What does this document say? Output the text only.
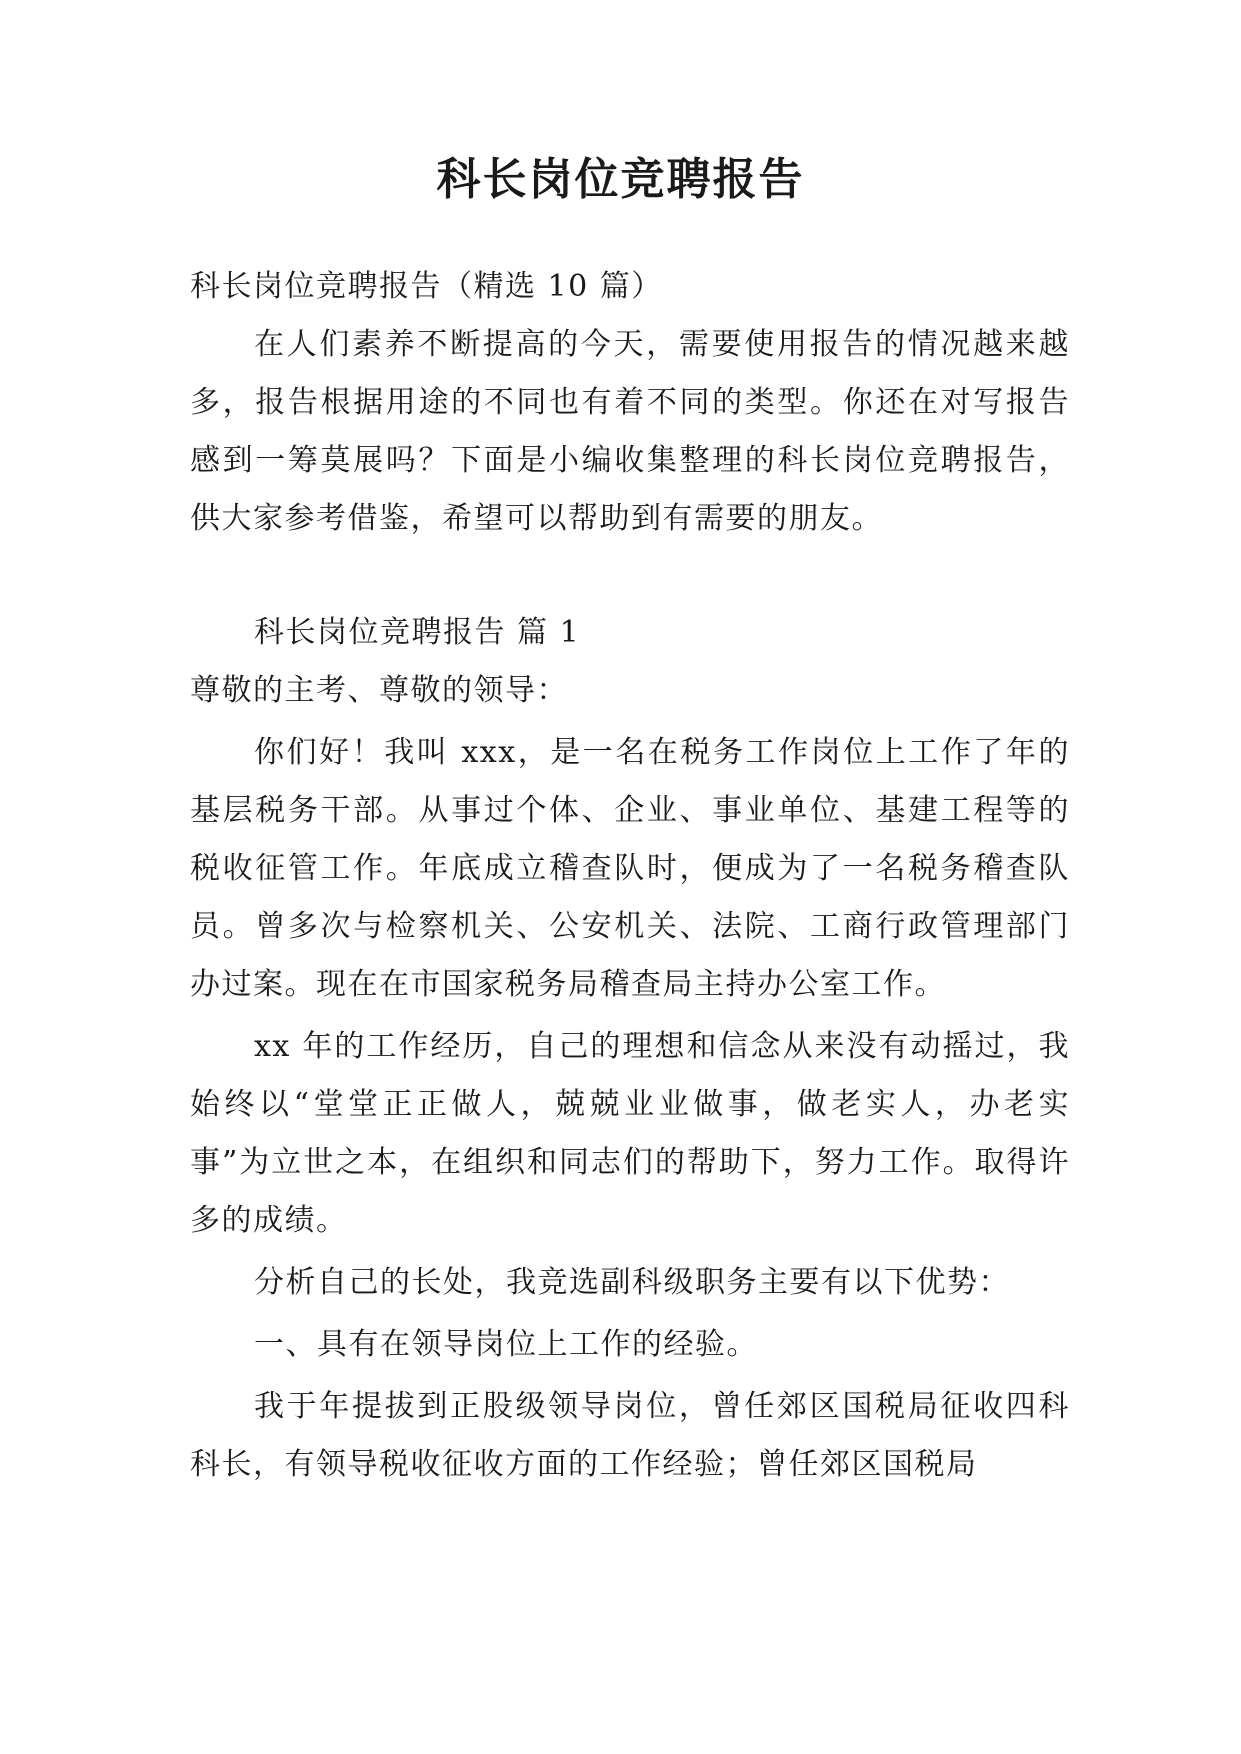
科长岗位竞聘报告

科长岗位竞聘报告（精选 10 篇）

在人们素养不断提高的今天，需要使用报告的情况越来越多，报告根据用途的不同也有着不同的类型。你还在对写报告感到一筹莫展吗？下面是小编收集整理的科长岗位竞聘报告，供大家参考借鉴，希望可以帮助到有需要的朋友。

科长岗位竞聘报告 篇 1

尊敬的主考、尊敬的领导：

你们好！我叫 xxx，是一名在税务工作岗位上工作了年的基层税务干部。从事过个体、企业、事业单位、基建工程等的税收征管工作。年底成立稽查队时，便成为了一名税务稽查队员。曾多次与检察机关、公安机关、法院、工商行政管理部门办过案。现在在市国家税务局稽查局主持办公室工作。

xx 年的工作经历，自己的理想和信念从来没有动摇过，我始终以“堂堂正正做人，兢兢业业做事，做老实人，办老实事”为立世之本，在组织和同志们的帮助下，努力工作。取得许多的成绩。

分析自己的长处，我竞选副科级职务主要有以下优势：

一、具有在领导岗位上工作的经验。

我于年提拔到正股级领导岗位，曾任郊区国税局征收四科科长，有领导税收征收方面的工作经验；曾任郊区国税局
